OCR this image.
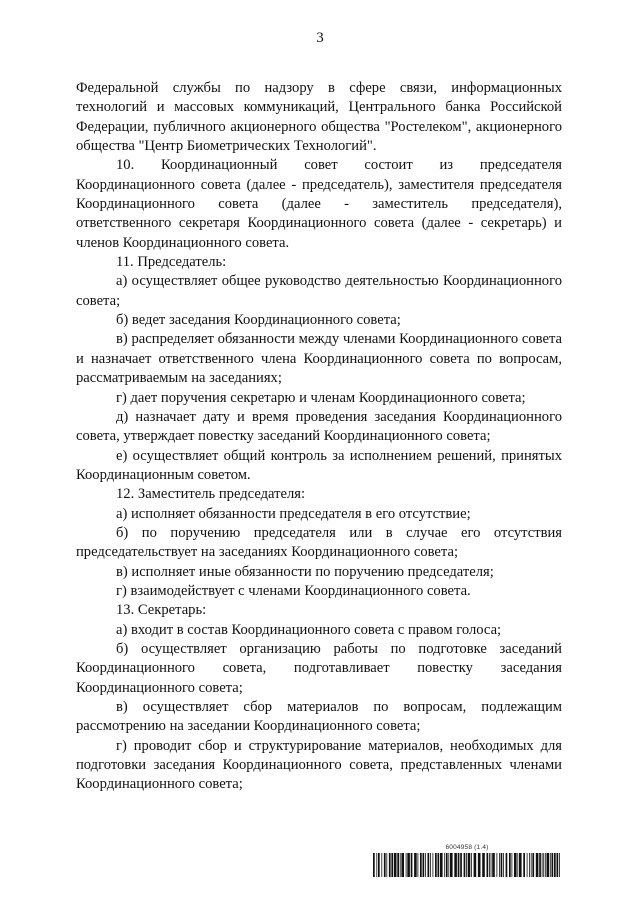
3

Федеральной службы по надзору в сфере связи, информационных технологий и массовых коммуникаций, Центрального банка Российской Федерации, публичного акционерного общества "Ростелеком", акционерного общества "Центр Биометрических Технологий".

10. Координационный совет состоит из председателя Координационного совета (далее - председатель), заместителя председателя Координационного совета (далее - заместитель председателя), ответственного секретаря Координационного совета (далее - секретарь) и членов Координационного совета.

11. Председатель:

а) осуществляет общее руководство деятельностью Координационного совета;

б) ведет заседания Координационного совета;

в) распределяет обязанности между членами Координационного совета и назначает ответственного члена Координационного совета по вопросам, рассматриваемым на заседаниях;

г) дает поручения секретарю и членам Координационного совета;

д) назначает дату и время проведения заседания Координационного совета, утверждает повестку заседаний Координационного совета;

е) осуществляет общий контроль за исполнением решений, принятых Координационным советом.

12. Заместитель председателя:

а) исполняет обязанности председателя в его отсутствие;

б) по поручению председателя или в случае его отсутствия председательствует на заседаниях Координационного совета;

в) исполняет иные обязанности по поручению председателя;

г) взаимодействует с членами Координационного совета.

13. Секретарь:

а) входит в состав Координационного совета с правом голоса;

б) осуществляет организацию работы по подготовке заседаний Координационного совета, подготавливает повестку заседания Координационного совета;

в) осуществляет сбор материалов по вопросам, подлежащим рассмотрению на заседании Координационного совета;

г) проводит сбор и структурирование материалов, необходимых для подготовки заседания Координационного совета, представленных членами Координационного совета;

6004958 (1.4)
